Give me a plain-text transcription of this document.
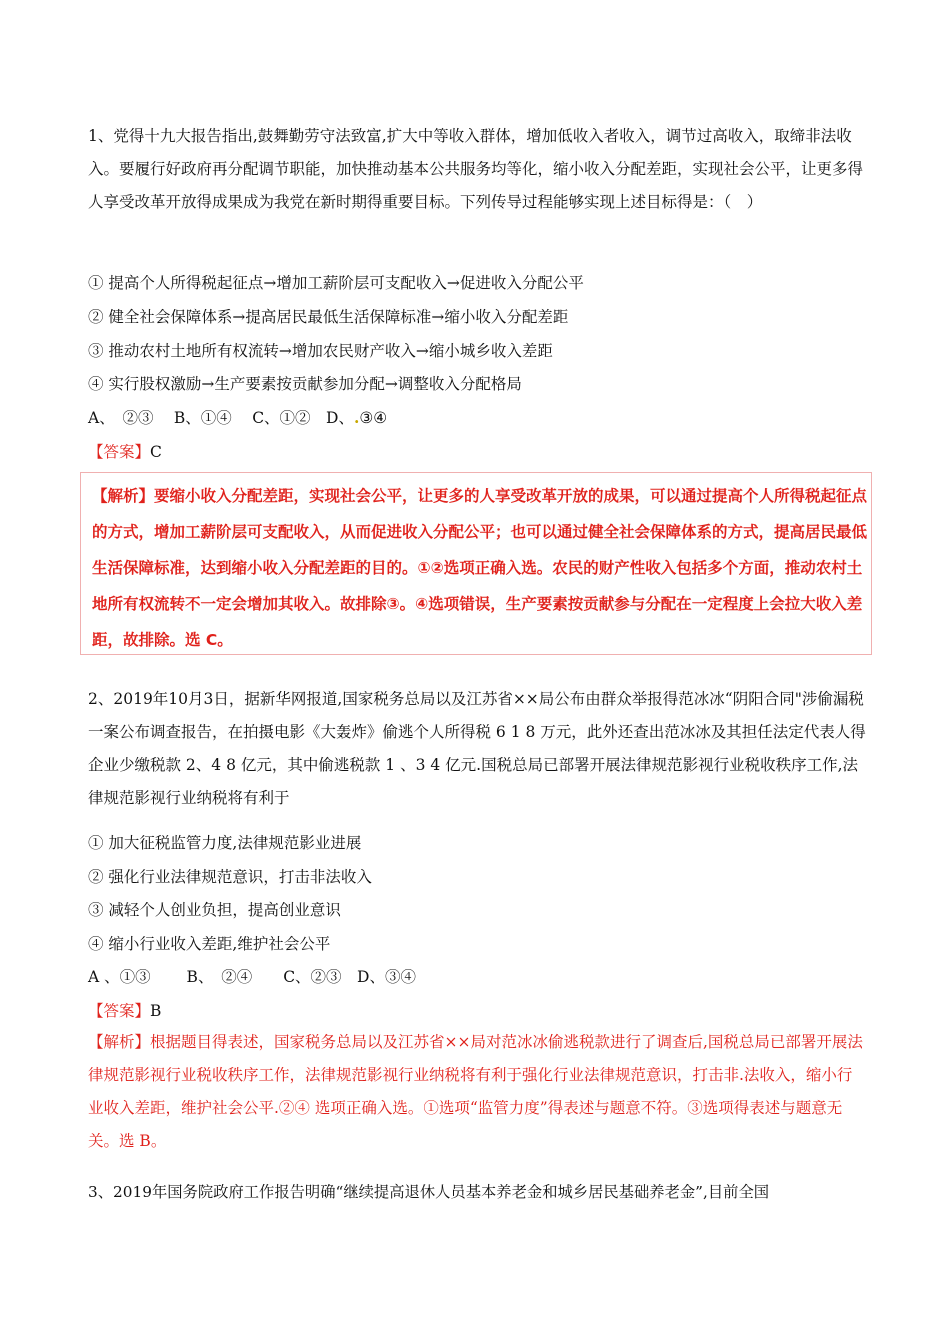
1、党得十九大报告指出,鼓舞勤劳守法致富,扩大中等收入群体，增加低收入者收入，调节过高收入，取缔非法收入。要履行好政府再分配调节职能，加快推动基本公共服务均等化，缩小收入分配差距，实现社会公平，让更多得人享受改革开放得成果成为我党在新时期得重要目标。下列传导过程能够实现上述目标得是：（　）
① 提高个人所得税起征点→增加工薪阶层可支配收入→促进收入分配公平
② 健全社会保障体系→提高居民最低生活保障标准→缩小收入分配差距
③ 推动农村土地所有权流转→增加农民财产收入→缩小城乡收入差距
④ 实行股权激励→生产要素按贡献参加分配→调整收入分配格局
A、　②③　 B、①④　 C、①②　D、.③④
【答案】C
【解析】要缩小收入分配差距，实现社会公平，让更多的人享受改革开放的成果，可以通过提高个人所得税起征点的方式，增加工薪阶层可支配收入，从而促进收入分配公平；也可以通过健全社会保障体系的方式，提高居民最低生活保障标准，达到缩小收入分配差距的目的。①②选项正确入选。农民的财产性收入包括多个方面，推动农村土地所有权流转不一定会增加其收入。故排除③。④选项错误，生产要素按贡献参与分配在一定程度上会拉大收入差距，故排除。选 C。
2、2019年10月3日，据新华网报道,国家税务总局以及江苏省××局公布由群众举报得范冰冰“阴阳合同"涉偷漏税一案公布调查报告，在拍摄电影《大轰炸》偷逃个人所得税 6 1 8 万元，此外还查出范冰冰及其担任法定代表人得企业少缴税款 2、4 8 亿元，其中偷逃税款 1 、3 4 亿元.国税总局已部署开展法律规范影视行业税收秩序工作,法律规范影视行业纳税将有利于
① 加大征税监管力度,法律规范影业进展
② 强化行业法律规范意识，打击非法收入
③ 减轻个人创业负担，提高创业意识
④ 缩小行业收入差距,维护社会公平
A 、①③　　 B、　②④　　C、②③　D、③④
【答案】B
【解析】根据题目得表述，国家税务总局以及江苏省××局对范冰冰偷逃税款进行了调查后,国税总局已部署开展法律规范影视行业税收秩序工作，法律规范影视行业纳税将有利于强化行业法律规范意识，打击非.法收入，缩小行业收入差距，维护社会公平.②④ 选项正确入选。①选项“监管力度”得表述与题意不符。③选项得表述与题意无关。选 B。
3、2019年国务院政府工作报告明确“继续提高退休人员基本养老金和城乡居民基础养老金”,目前全国
